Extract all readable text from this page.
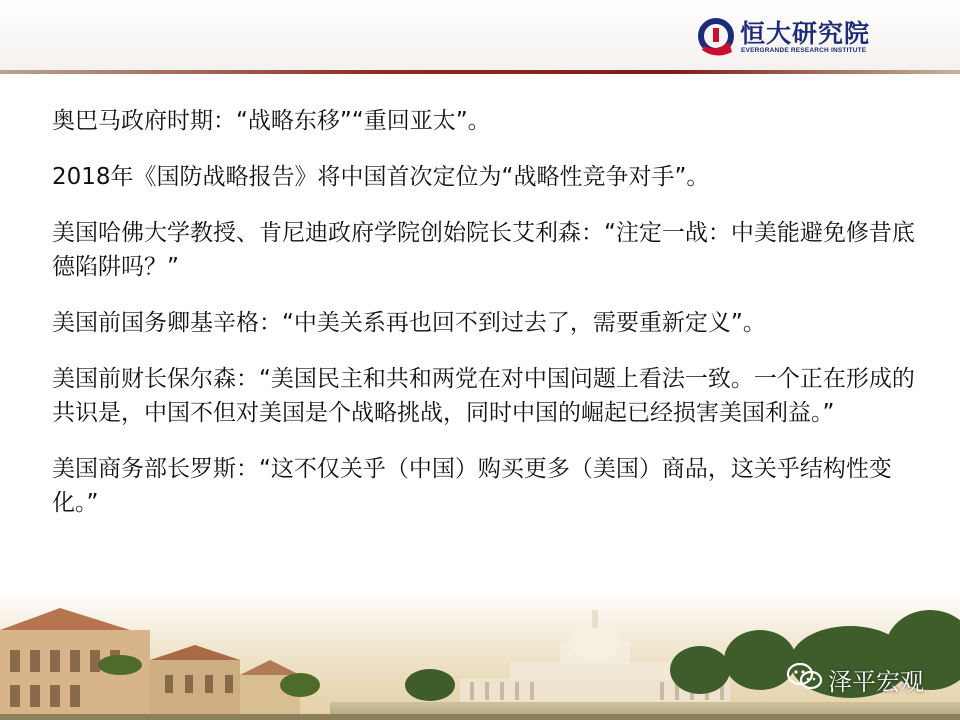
恒大研究院
EVERGRANDE RESEARCH INSTITUTE

奥巴马政府时期：“战略东移”“重回亚太”。

2018年《国防战略报告》将中国首次定位为“战略性竞争对手”。

美国哈佛大学教授、肯尼迪政府学院创始院长艾利森：“注定一战：中美能避免修昔底德陷阱吗？”

美国前国务卿基辛格：“中美关系再也回不到过去了，需要重新定义”。

美国前财长保尔森：“美国民主和共和两党在对中国问题上看法一致。一个正在形成的共识是，中国不但对美国是个战略挑战，同时中国的崛起已经损害美国利益。”

美国商务部长罗斯：“这不仅关乎（中国）购买更多（美国）商品，这关乎结构性变化。”

泽平宏观
